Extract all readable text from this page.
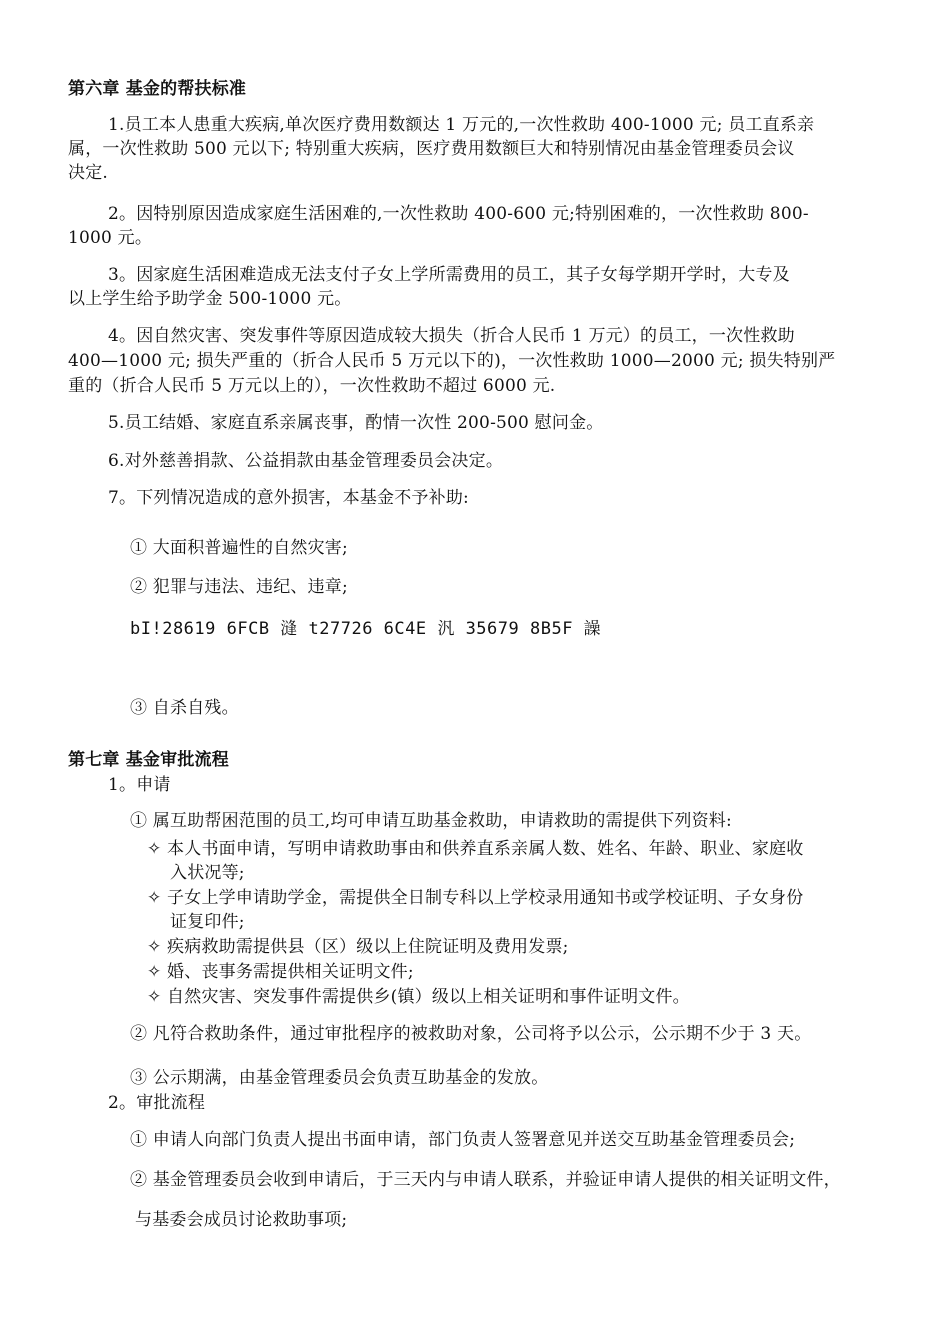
第六章 基金的帮扶标准
1.员工本人患重大疾病,单次医疗费用数额达 1 万元的,一次性救助 400-1000 元; 员工直系亲
属，一次性救助 500 元以下; 特别重大疾病，医疗费用数额巨大和特别情况由基金管理委员会议
决定.
2。因特别原因造成家庭生活困难的,一次性救助 400-600 元;特别困难的，一次性救助 800-
1000 元。
3。因家庭生活困难造成无法支付子女上学所需费用的员工，其子女每学期开学时，大专及
以上学生给予助学金 500-1000 元。
4。因自然灾害、突发事件等原因造成较大损失（折合人民币 1 万元）的员工，一次性救助
400—1000 元; 损失严重的（折合人民币 5 万元以下的)，一次性救助 1000—2000 元; 损失特别严
重的（折合人民币 5 万元以上的），一次性救助不超过 6000 元.
5.员工结婚、家庭直系亲属丧事，酌情一次性 200-500 慰问金。
6.对外慈善捐款、公益捐款由基金管理委员会决定。
7。下列情况造成的意外损害，本基金不予补助:
① 大面积普遍性的自然灾害;
② 犯罪与违法、违纪、违章;
bI!28619 6FCB 漨 t27726 6C4E 汎 35679 8B5F 譟
③ 自杀自残。
第七章 基金审批流程
1。申请
① 属互助帮困范围的员工,均可申请互助基金救助，申请救助的需提供下列资料:
✧ 本人书面申请，写明申请救助事由和供养直系亲属人数、姓名、年龄、职业、家庭收
入状况等;
✧ 子女上学申请助学金，需提供全日制专科以上学校录用通知书或学校证明、子女身份
证复印件;
✧ 疾病救助需提供县（区）级以上住院证明及费用发票;
✧ 婚、丧事务需提供相关证明文件;
✧ 自然灾害、突发事件需提供乡(镇）级以上相关证明和事件证明文件。
② 凡符合救助条件，通过审批程序的被救助对象，公司将予以公示，公示期不少于 3 天。
③ 公示期满，由基金管理委员会负责互助基金的发放。
2。审批流程
① 申请人向部门负责人提出书面申请，部门负责人签署意见并送交互助基金管理委员会;
② 基金管理委员会收到申请后，于三天内与申请人联系，并验证申请人提供的相关证明文件，
与基委会成员讨论救助事项;
